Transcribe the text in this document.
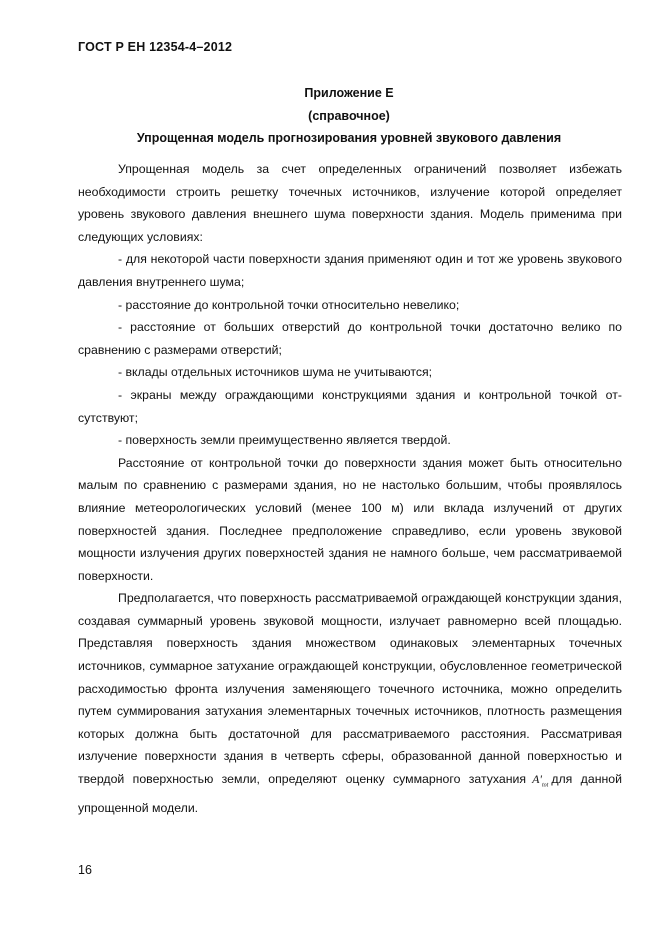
ГОСТ Р ЕН 12354-4–2012
Приложение Е
(справочное)
Упрощенная модель прогнозирования уровней звукового давления

Упрощенная модель за счет определенных ограничений позволяет избежать необходимости строить решетку точечных источников, излучение которой определяет уровень звукового давления внешнего шума поверхности здания. Модель применима при следующих условиях:

- для некоторой части поверхности здания применяют один и тот же уровень звукового давления внутреннего шума;

- расстояние до контрольной точки относительно невелико;

- расстояние от больших отверстий до контрольной точки достаточно велико по сравнению с размерами отверстий;

- вклады отдельных источников шума не учитываются;

- экраны между ограждающими конструкциями здания и контрольной точкой отсутствуют;

- поверхность земли преимущественно является твердой.

Расстояние от контрольной точки до поверхности здания может быть относительно малым по сравнению с размерами здания, но не настолько большим, чтобы проявлялось влияние метеорологических условий (менее 100 м) или вклада излучений от других поверхностей здания. Последнее предположение справедливо, если уровень звуковой мощности излучения других поверхностей здания не намного больше, чем рассматриваемой поверхности.

Предполагается, что поверхность рассматриваемой ограждающей конструкции здания, создавая суммарный уровень звуковой мощности, излучает равномерно всей площадью. Представляя поверхность здания множеством одинаковых элементарных точечных источников, суммарное затухание ограждающей конструкции, обусловленное геометрической расходимостью фронта излучения заменяющего точечного источника, можно определить путем суммирования затухания элементарных точечных источников, плотность размещения которых должна быть достаточной для рассматриваемого расстояния. Рассматривая излучение поверхности здания в четверть сферы, образованной данной поверхностью и твердой поверхностью земли, определяют оценку суммарного затухания $A'_{tot}$ для данной упрощенной модели.

16
